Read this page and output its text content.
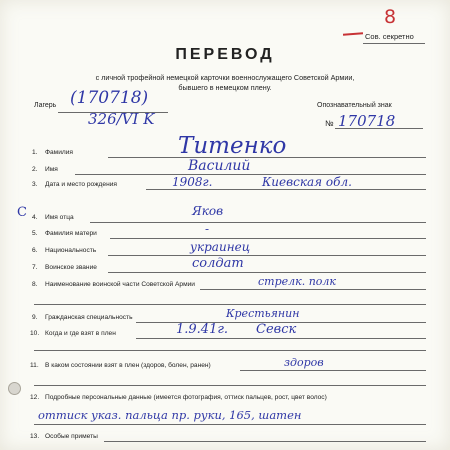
8
Сов. секретно
ПЕРЕВОД
с личной трофейной немецкой карточки военнослужащего Советской Армии,
бывшего в немецком плену.
Лагерь (170718)
326/VI K
Опознавательный знак
№ 170718
1. Фамилия	Титенко
2. Имя	Василий
3. Дата и место рождения	1908г.	Киевская обл.
С 4. Имя отца	Яков
5. Фамилия матери	-
6. Национальность	украинец
7. Воинское звание	солдат
8. Наименование воинской части Советской Армии	стрелк. полк
9. Гражданская специальность	Крестьянин
10. Когда и где взят в плен	1.9.41г. Севск
11. В каком состоянии взят в плен (здоров, болен, ранен)	здоров
12. Подробные персональные данные (имеется фотография, оттиск пальцев, рост, цвет волос)
оттиск указ. пальца пр. руки, 165, шатен
13. Особые приметы
